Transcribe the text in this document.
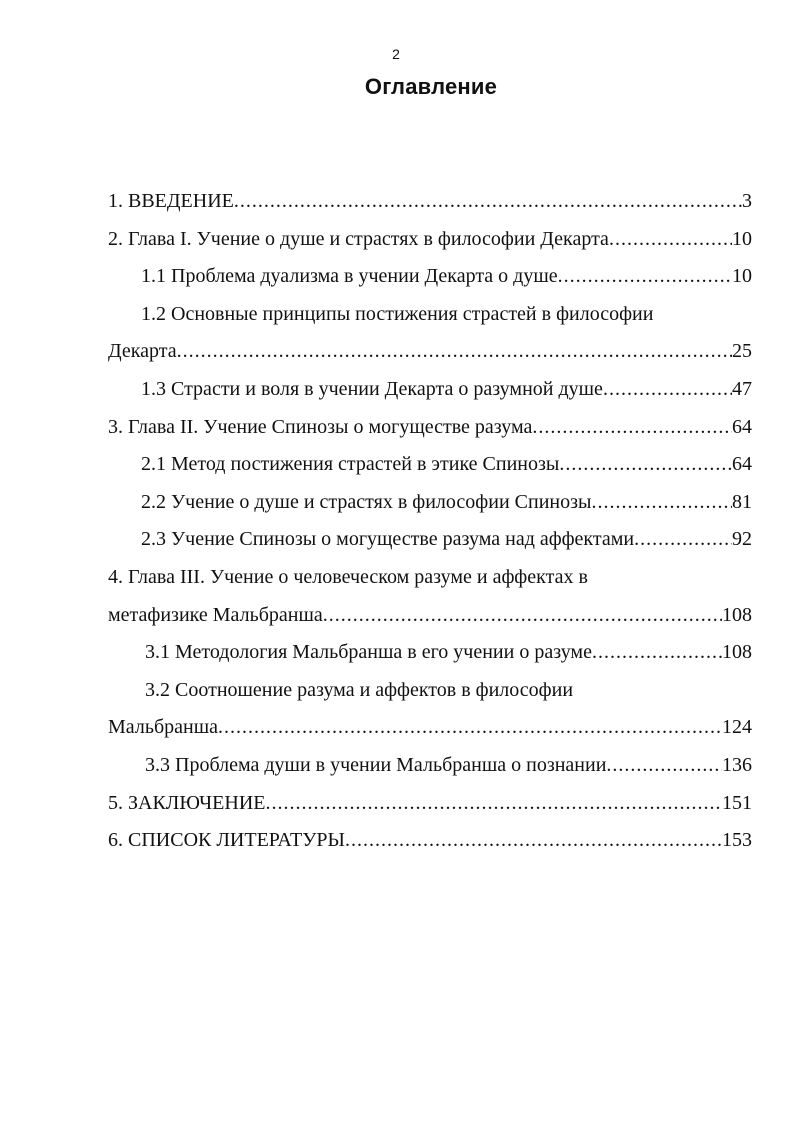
2
Оглавление
1. ВВЕДЕНИЕ .....	3
2. Глава I. Учение о душе и страстях в философии Декарта .....	10
1.1 Проблема дуализма в учении Декарта о душе .....	10
1.2 Основные принципы постижения страстей в философии
Декарта .....	25
1.3 Страсти и воля в учении Декарта о разумной душе .....	47
3. Глава II. Учение Спинозы о могуществе разума .....	64
2.1 Метод постижения страстей в этике Спинозы .....	64
2.2 Учение о душе и страстях в философии Спинозы .....	81
2.3 Учение Спинозы о могуществе разума над аффектами .....	92
4. Глава III. Учение о человеческом разуме и аффектах в
метафизике Мальбранша .....	108
3.1 Методология Мальбранша в его учении о разуме .....	108
3.2 Соотношение разума и аффектов в философии
Мальбранша .....	124
3.3 Проблема души в учении Мальбранша о познании .....	136
5. ЗАКЛЮЧЕНИЕ .....	151
6. СПИСОК ЛИТЕРАТУРЫ .....	153
